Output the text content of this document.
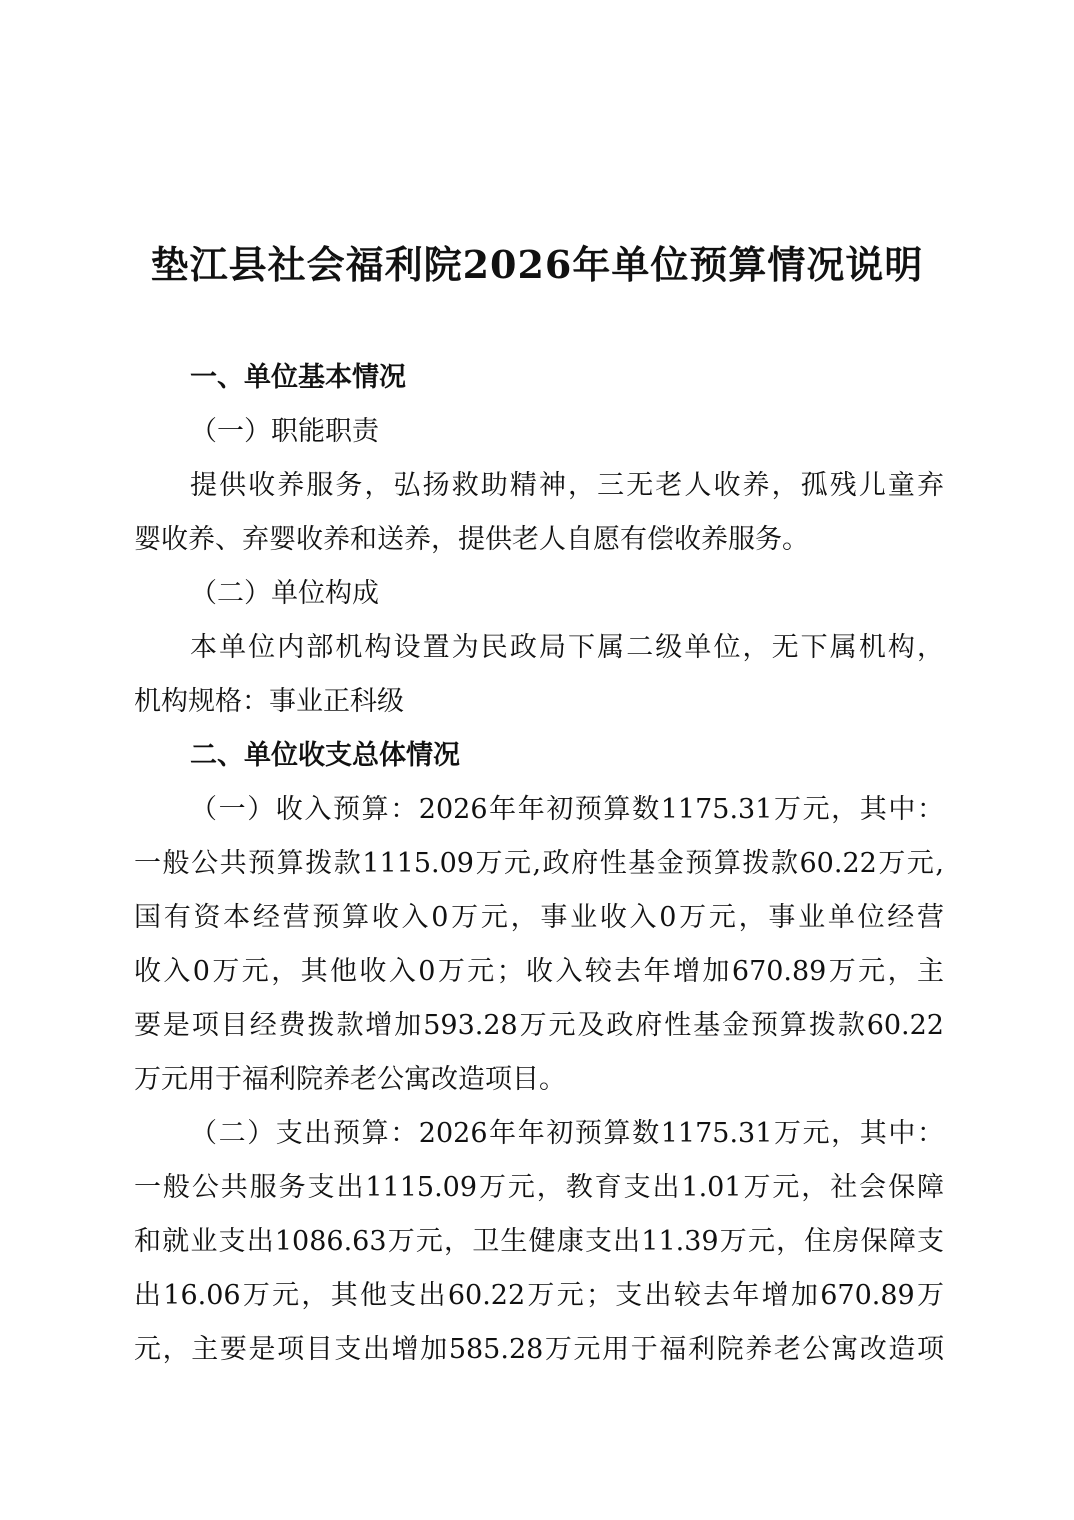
垫江县社会福利院2026年单位预算情况说明
一、单位基本情况
（一）职能职责
提供收养服务，弘扬救助精神，三无老人收养，孤残儿童弃
婴收养、弃婴收养和送养，提供老人自愿有偿收养服务。
（二）单位构成
本单位内部机构设置为民政局下属二级单位，无下属机构，
机构规格：事业正科级
二、单位收支总体情况
（一）收入预算：2026年年初预算数1175.31万元，其中：
一般公共预算拨款1115.09万元,政府性基金预算拨款60.22万元,
国有资本经营预算收入0万元，事业收入0万元，事业单位经营
收入0万元，其他收入0万元；收入较去年增加670.89万元，主
要是项目经费拨款增加593.28万元及政府性基金预算拨款60.22
万元用于福利院养老公寓改造项目。
（二）支出预算：2026年年初预算数1175.31万元，其中：
一般公共服务支出1115.09万元，教育支出1.01万元，社会保障
和就业支出1086.63万元，卫生健康支出11.39万元，住房保障支
出16.06万元，其他支出60.22万元；支出较去年增加670.89万
元，主要是项目支出增加585.28万元用于福利院养老公寓改造项
